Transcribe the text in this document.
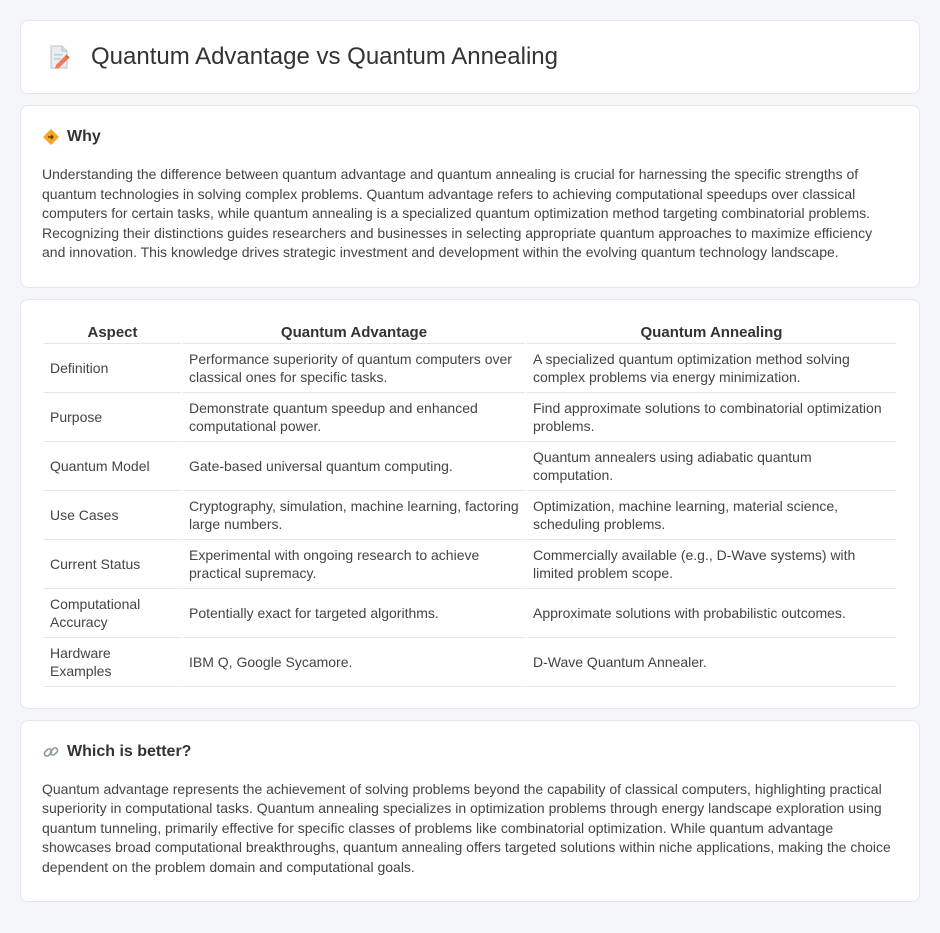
Quantum Advantage vs Quantum Annealing
Why

Understanding the difference between quantum advantage and quantum annealing is crucial for harnessing the specific strengths of quantum technologies in solving complex problems. Quantum advantage refers to achieving computational speedups over classical computers for certain tasks, while quantum annealing is a specialized quantum optimization method targeting combinatorial problems. Recognizing their distinctions guides researchers and businesses in selecting appropriate quantum approaches to maximize efficiency and innovation. This knowledge drives strategic investment and development within the evolving quantum technology landscape.

Aspect	Quantum Advantage	Quantum Annealing
Definition	Performance superiority of quantum computers over classical ones for specific tasks.	A specialized quantum optimization method solving complex problems via energy minimization.
Purpose	Demonstrate quantum speedup and enhanced computational power.	Find approximate solutions to combinatorial optimization problems.
Quantum Model	Gate-based universal quantum computing.	Quantum annealers using adiabatic quantum computation.
Use Cases	Cryptography, simulation, machine learning, factoring large numbers.	Optimization, machine learning, material science, scheduling problems.
Current Status	Experimental with ongoing research to achieve practical supremacy.	Commercially available (e.g., D-Wave systems) with limited problem scope.
Computational Accuracy	Potentially exact for targeted algorithms.	Approximate solutions with probabilistic outcomes.
Hardware Examples	IBM Q, Google Sycamore.	D-Wave Quantum Annealer.
Which is better?

Quantum advantage represents the achievement of solving problems beyond the capability of classical computers, highlighting practical superiority in computational tasks. Quantum annealing specializes in optimization problems through energy landscape exploration using quantum tunneling, primarily effective for specific classes of problems like combinatorial optimization. While quantum advantage showcases broad computational breakthroughs, quantum annealing offers targeted solutions within niche applications, making the choice dependent on the problem domain and computational goals.
